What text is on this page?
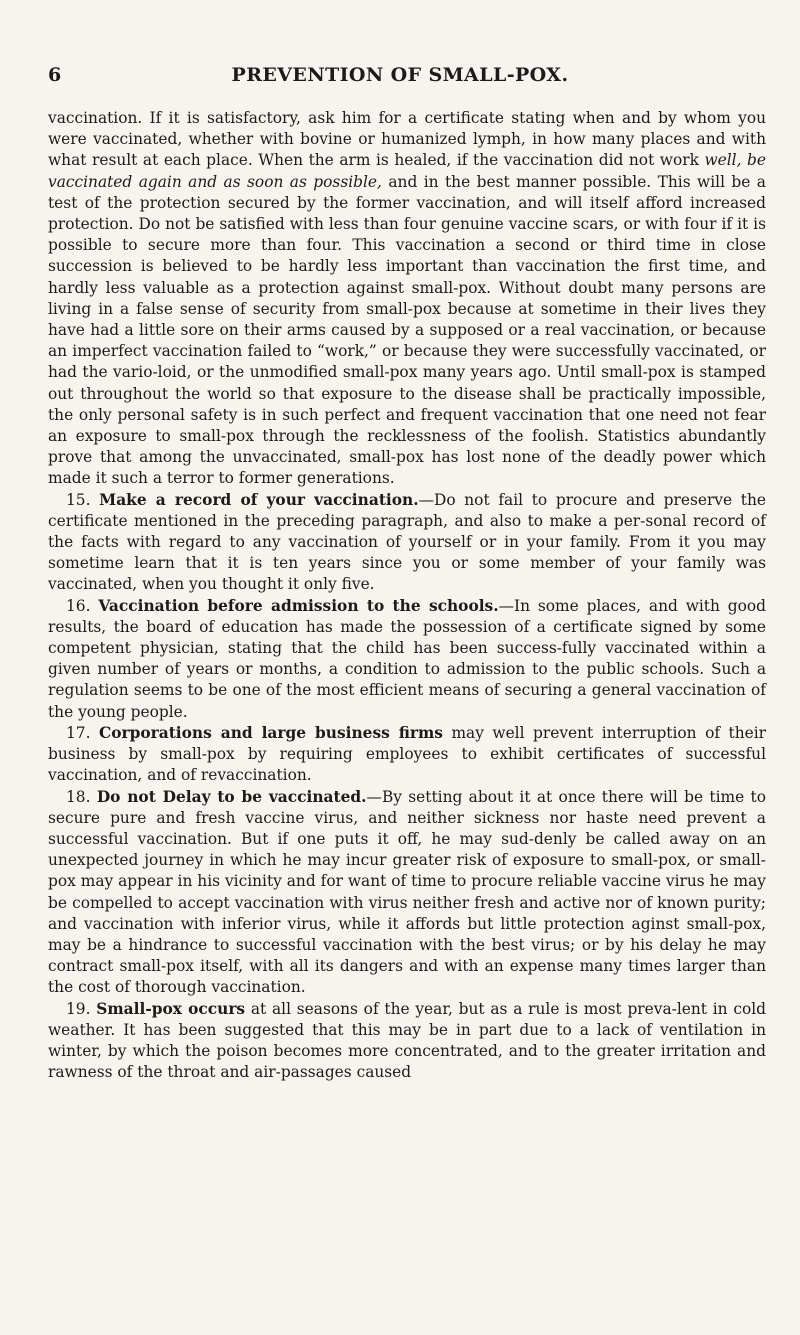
6	PREVENTION OF SMALL-POX.

vaccination. If it is satisfactory, ask him for a certificate stating when and by whom you were vaccinated, whether with bovine or humanized lymph, in how many places and with what result at each place. When the arm is healed, if the vaccination did not work well, be vaccinated again and as soon as possible, and in the best manner possible. This will be a test of the protection secured by the former vaccination, and will itself afford increased protection. Do not be satisfied with less than four genuine vaccine scars, or with four if it is possible to secure more than four. This vaccination a second or third time in close succession is believed to be hardly less important than vaccination the first time, and hardly less valuable as a protection against small-pox. Without doubt many persons are living in a false sense of security from small-pox because at sometime in their lives they have had a little sore on their arms caused by a supposed or a real vaccination, or because an imperfect vaccination failed to “work,” or because they were successfully vaccinated, or had the vario-loid, or the unmodified small-pox many years ago. Until small-pox is stamped out throughout the world so that exposure to the disease shall be practically impossible, the only personal safety is in such perfect and frequent vaccination that one need not fear an exposure to small-pox through the recklessness of the foolish. Statistics abundantly prove that among the unvaccinated, small-pox has lost none of the deadly power which made it such a terror to former generations.

15. Make a record of your vaccination.—Do not fail to procure and preserve the certificate mentioned in the preceding paragraph, and also to make a per-sonal record of the facts with regard to any vaccination of yourself or in your family. From it you may sometime learn that it is ten years since you or some member of your family was vaccinated, when you thought it only five.

16. Vaccination before admission to the schools.—In some places, and with good results, the board of education has made the possession of a certificate signed by some competent physician, stating that the child has been success-fully vaccinated within a given number of years or months, a condition to admission to the public schools. Such a regulation seems to be one of the most efficient means of securing a general vaccination of the young people.

17. Corporations and large business firms may well prevent interruption of their business by small-pox by requiring employees to exhibit certificates of successful vaccination, and of revaccination.

18. Do not Delay to be vaccinated.—By setting about it at once there will be time to secure pure and fresh vaccine virus, and neither sickness nor haste need prevent a successful vaccination. But if one puts it off, he may sud-denly be called away on an unexpected journey in which he may incur greater risk of exposure to small-pox, or small-pox may appear in his vicinity and for want of time to procure reliable vaccine virus he may be compelled to accept vaccination with virus neither fresh and active nor of known purity; and vaccination with inferior virus, while it affords but little protection aginst small-pox, may be a hindrance to successful vaccination with the best virus; or by his delay he may contract small-pox itself, with all its dangers and with an expense many times larger than the cost of thorough vaccination.

19. Small-pox occurs at all seasons of the year, but as a rule is most preva-lent in cold weather. It has been suggested that this may be in part due to a lack of ventilation in winter, by which the poison becomes more concentrated, and to the greater irritation and rawness of the throat and air-passages caused
